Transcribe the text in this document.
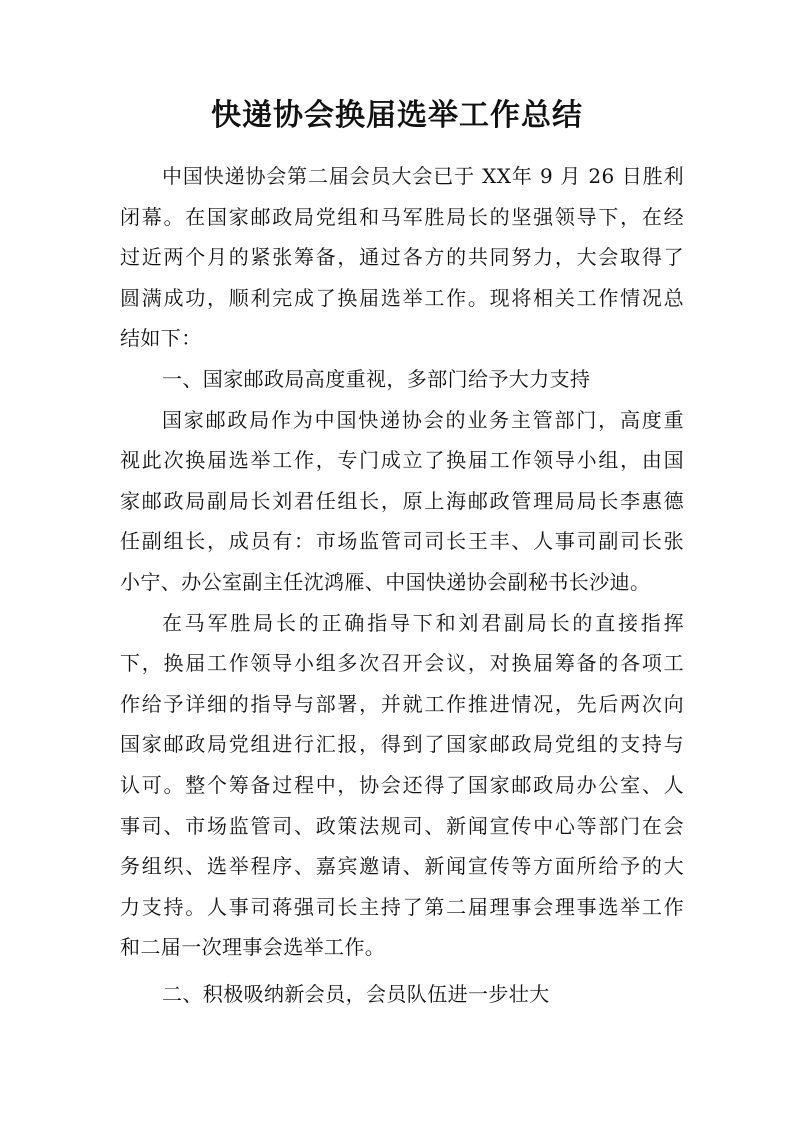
快递协会换届选举工作总结
中国快递协会第二届会员大会已于 XX年 9 月 26 日胜利
闭幕。在国家邮政局党组和马军胜局长的坚强领导下，在经
过近两个月的紧张筹备，通过各方的共同努力，大会取得了
圆满成功，顺利完成了换届选举工作。现将相关工作情况总
结如下：
一、国家邮政局高度重视，多部门给予大力支持
国家邮政局作为中国快递协会的业务主管部门，高度重
视此次换届选举工作，专门成立了换届工作领导小组，由国
家邮政局副局长刘君任组长，原上海邮政管理局局长李惠德
任副组长，成员有：市场监管司司长王丰、人事司副司长张
小宁、办公室副主任沈鸿雁、中国快递协会副秘书长沙迪。
在马军胜局长的正确指导下和刘君副局长的直接指挥
下，换届工作领导小组多次召开会议，对换届筹备的各项工
作给予详细的指导与部署，并就工作推进情况，先后两次向
国家邮政局党组进行汇报，得到了国家邮政局党组的支持与
认可。整个筹备过程中，协会还得了国家邮政局办公室、人
事司、市场监管司、政策法规司、新闻宣传中心等部门在会
务组织、选举程序、嘉宾邀请、新闻宣传等方面所给予的大
力支持。人事司蒋强司长主持了第二届理事会理事选举工作
和二届一次理事会选举工作。
二、积极吸纳新会员，会员队伍进一步壮大
